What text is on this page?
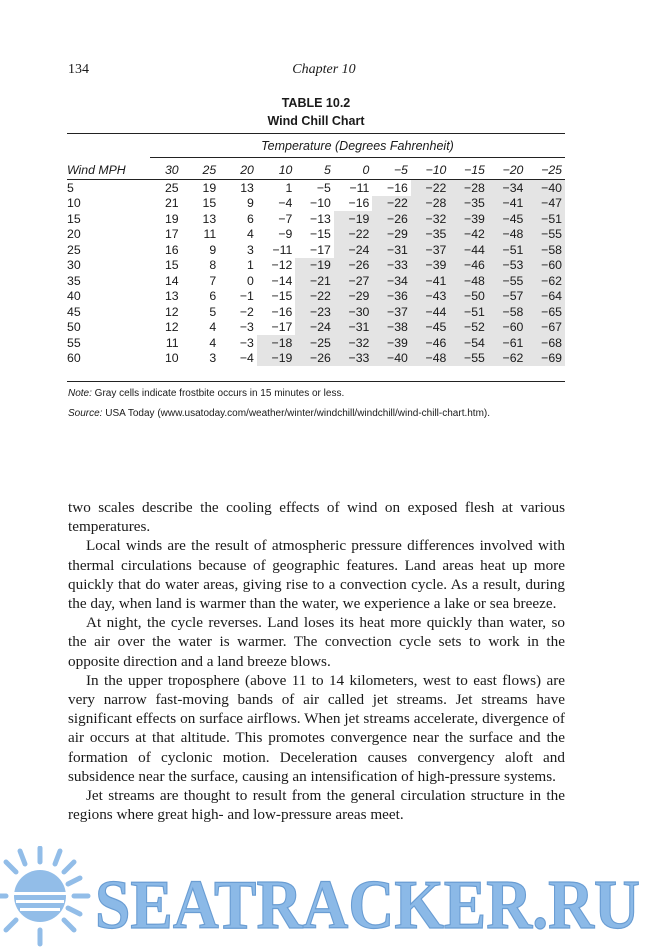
134	Chapter 10
TABLE 10.2
Wind Chill Chart
Temperature (Degrees Fahrenheit)
Wind MPH	30	25	20	10	5	0	−5	−10	−15	−20	−25
5	25	19	13	1	−5	−11	−16	−22	−28	−34	−40
10	21	15	9	−4	−10	−16	−22	−28	−35	−41	−47
15	19	13	6	−7	−13	−19	−26	−32	−39	−45	−51
20	17	11	4	−9	−15	−22	−29	−35	−42	−48	−55
25	16	9	3	−11	−17	−24	−31	−37	−44	−51	−58
30	15	8	1	−12	−19	−26	−33	−39	−46	−53	−60
35	14	7	0	−14	−21	−27	−34	−41	−48	−55	−62
40	13	6	−1	−15	−22	−29	−36	−43	−50	−57	−64
45	12	5	−2	−16	−23	−30	−37	−44	−51	−58	−65
50	12	4	−3	−17	−24	−31	−38	−45	−52	−60	−67
55	11	4	−3	−18	−25	−32	−39	−46	−54	−61	−68
60	10	3	−4	−19	−26	−33	−40	−48	−55	−62	−69
Note: Gray cells indicate frostbite occurs in 15 minutes or less.
Source: USA Today (www.usatoday.com/weather/winter/windchill/windchill/wind-chill-chart.htm).

two scales describe the cooling effects of wind on exposed flesh at various temperatures.

Local winds are the result of atmospheric pressure differences involved with thermal circulations because of geographic features. Land areas heat up more quickly that do water areas, giving rise to a convection cycle. As a result, during the day, when land is warmer than the water, we experience a lake or sea breeze.

At night, the cycle reverses. Land loses its heat more quickly than water, so the air over the water is warmer. The convection cycle sets to work in the opposite direction and a land breeze blows.

In the upper troposphere (above 11 to 14 kilometers, west to east flows) are very narrow fast-moving bands of air called jet streams. Jet streams have significant effects on surface airflows. When jet streams accelerate, divergence of air occurs at that altitude. This promotes convergence near the surface and the formation of cyclonic motion. Deceleration causes convergency aloft and subsidence near the surface, causing an intensification of high-pressure systems.

Jet streams are thought to result from the general circulation structure in the regions where great high- and low-pressure areas meet.

SEATRACKER.RU
